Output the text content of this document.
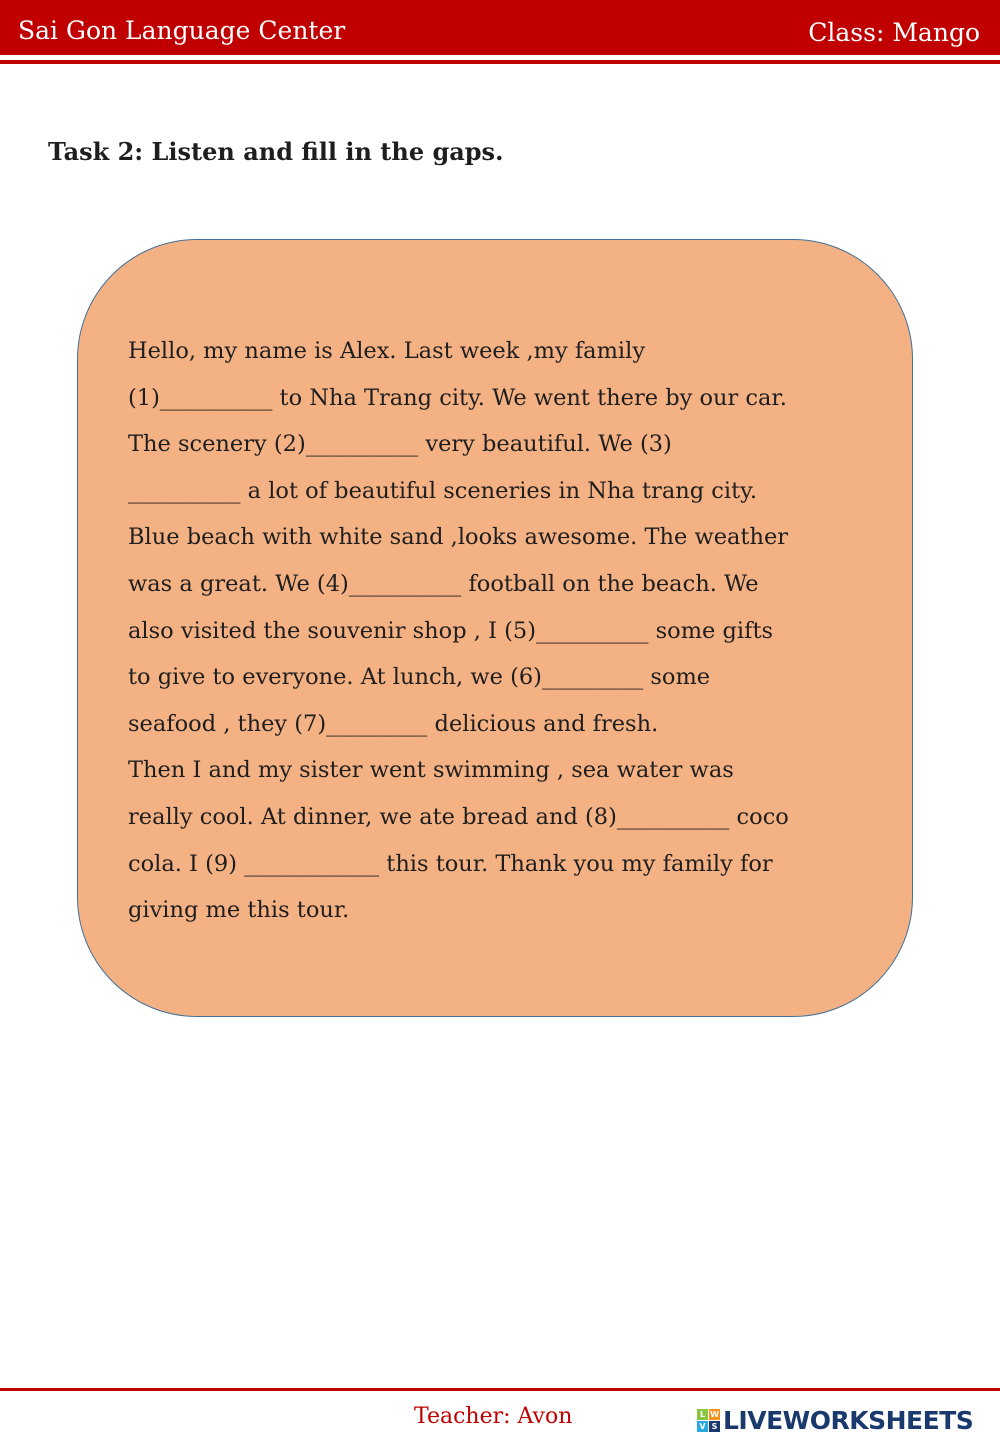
Sai Gon Language Center	Class: Mango
Task 2: Listen and fill in the gaps.
Hello, my name is Alex. Last week ,my family
(1)__________ to Nha Trang city. We went there by our car.
The scenery (2)__________ very beautiful. We (3)
__________ a lot of beautiful sceneries in Nha trang city.
Blue beach with white sand ,looks awesome. The weather
was a great. We (4)__________ football on the beach. We
also visited the souvenir shop , I (5)__________ some gifts
to give to everyone. At lunch, we (6)_________ some
seafood , they (7)_________ delicious and fresh.
Then I and my sister went swimming , sea water was
really cool. At dinner, we ate bread and (8)__________ coco
cola. I (9) ____________ this tour. Thank you my family for
giving me this tour.
Teacher: Avon	L W
V S LIVEWORKSHEETS
